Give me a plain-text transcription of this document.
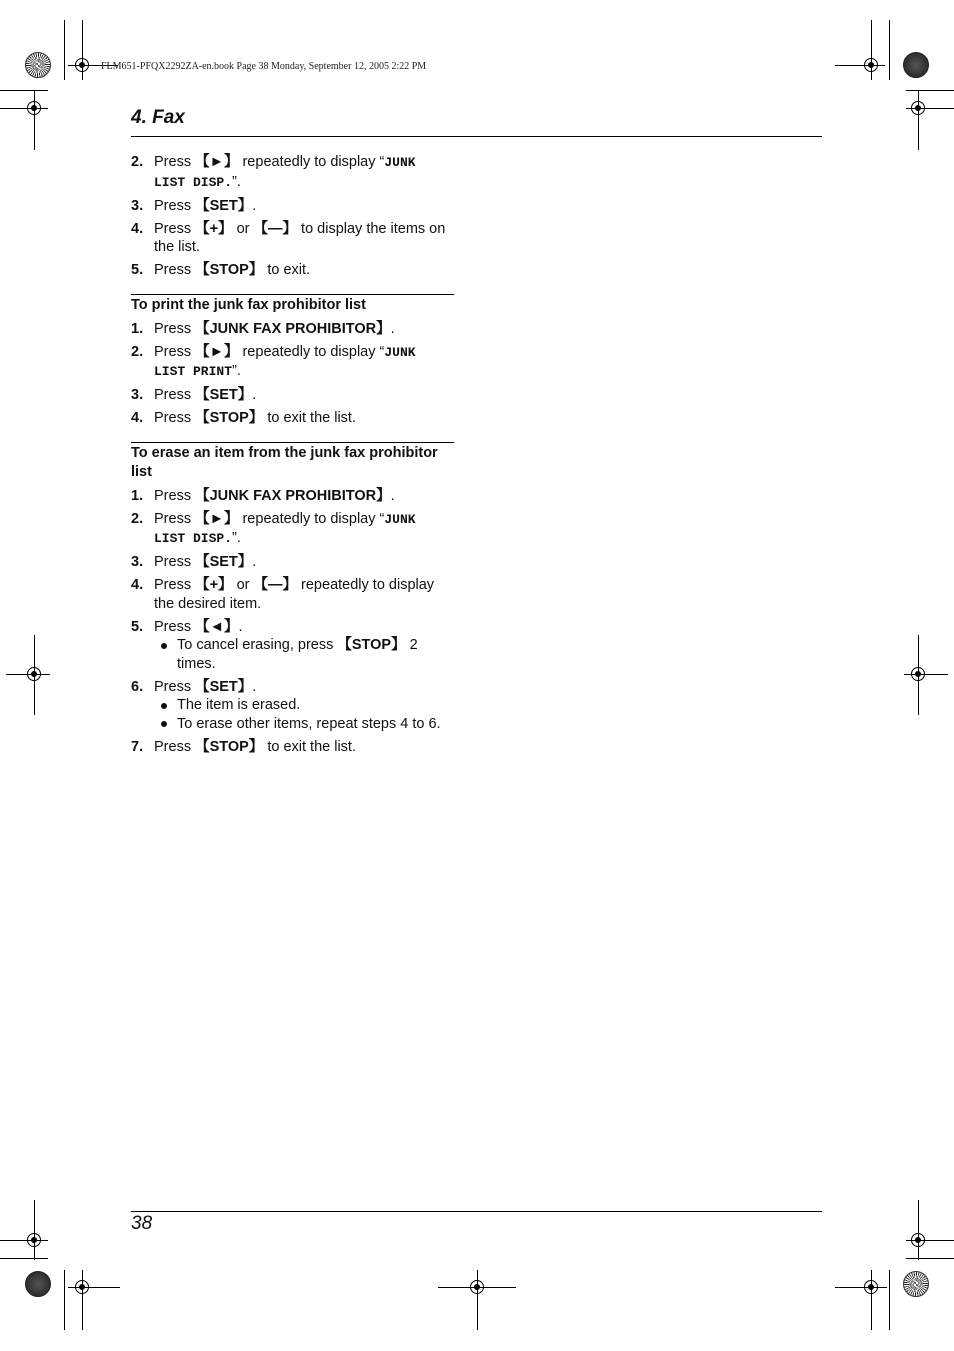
FLM651-PFQX2292ZA-en.book Page 38 Monday, September 12, 2005 2:22 PM
4. Fax
2. Press 【►】 repeatedly to display “JUNK LIST DISP.”.
3. Press 【SET】.
4. Press 【+】 or 【—】 to display the items on the list.
5. Press 【STOP】 to exit.
To print the junk fax prohibitor list
1. Press 【JUNK FAX PROHIBITOR】.
2. Press 【►】 repeatedly to display “JUNK LIST PRINT”.
3. Press 【SET】.
4. Press 【STOP】 to exit the list.
To erase an item from the junk fax prohibitor list
1. Press 【JUNK FAX PROHIBITOR】.
2. Press 【►】 repeatedly to display “JUNK LIST DISP.”.
3. Press 【SET】.
4. Press 【+】 or 【—】 repeatedly to display the desired item.
5. Press 【◄】.
To cancel erasing, press 【STOP】 2 times.
6. Press 【SET】.
The item is erased.
To erase other items, repeat steps 4 to 6.
7. Press 【STOP】 to exit the list.
38
